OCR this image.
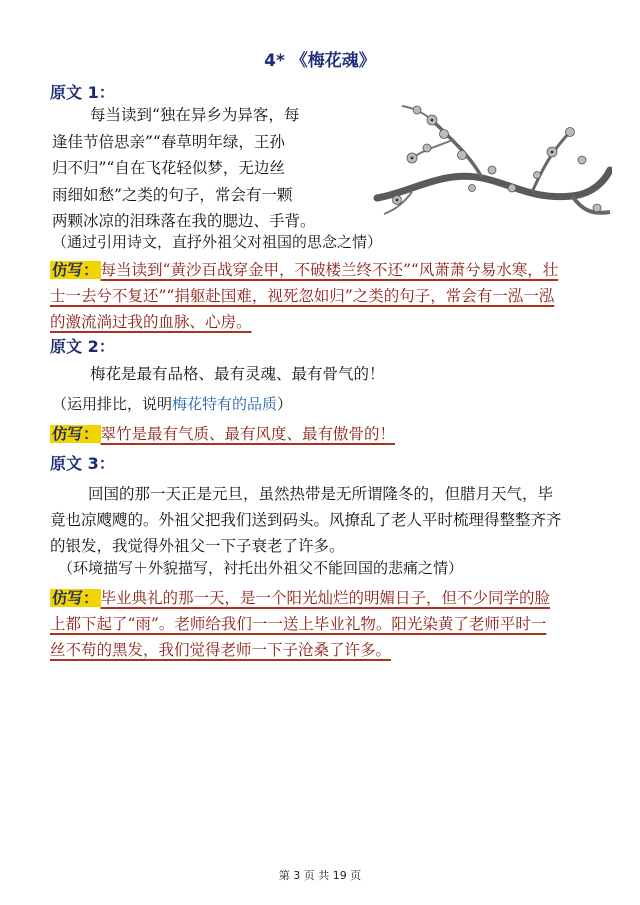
4* 《梅花魂》
原文 1：
每当读到“独在异乡为异客，每
逢佳节倍思亲”“春草明年绿，王孙
归不归”“自在飞花轻似梦，无边丝
雨细如愁”之类的句子，常会有一颗
两颗冰凉的泪珠落在我的腮边、手背。
（通过引用诗文，直抒外祖父对祖国的思念之情）

仿写： 每当读到“黄沙百战穿金甲，不破楼兰终不还”“风萧萧兮易水寒，壮士一去兮不复还”“捐躯赴国难，视死忽如归”之类的句子，常会有一泓一泓的激流淌过我的血脉、心房。

原文 2：
梅花是最有品格、最有灵魂、最有骨气的！
（运用排比，说明梅花特有的品质）

仿写： 翠竹是最有气质、最有风度、最有傲骨的！

原文 3：

回国的那一天正是元旦，虽然热带是无所谓隆冬的，但腊月天气，毕竟也凉飕飕的。外祖父把我们送到码头。风撩乱了老人平时梳理得整整齐齐的银发，我觉得外祖父一下子衰老了许多。

（环境描写＋外貌描写，衬托出外祖父不能回国的悲痛之情）

仿写： 毕业典礼的那一天，是一个阳光灿烂的明媚日子，但不少同学的脸上都下起了“雨”。老师给我们一一送上毕业礼物。阳光染黄了老师平时一丝不苟的黑发，我们觉得老师一下子沧桑了许多。

第 3 页 共 19 页
